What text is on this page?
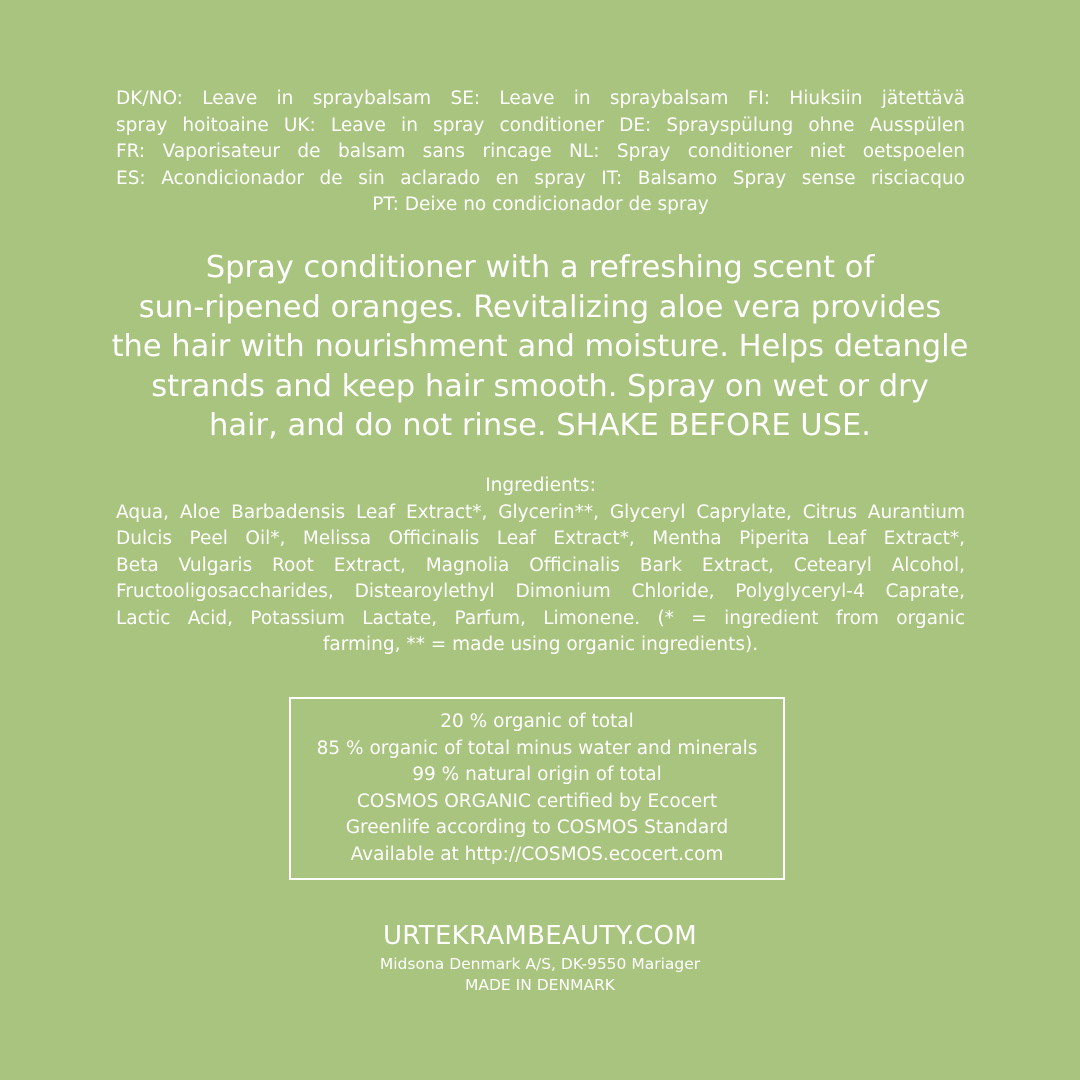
DK/NO: Leave in spraybalsam SE: Leave in spraybalsam FI: Hiuksiin jätettävä
spray hoitoaine UK: Leave in spray conditioner DE: Sprayspülung ohne Ausspülen
FR: Vaporisateur de balsam sans rincage NL: Spray conditioner niet oetspoelen
ES: Acondicionador de sin aclarado en spray IT: Balsamo Spray sense risciacquo
PT: Deixe no condicionador de spray
Spray conditioner with a refreshing scent of
sun-ripened oranges. Revitalizing aloe vera provides
the hair with nourishment and moisture. Helps detangle
strands and keep hair smooth. Spray on wet or dry
hair, and do not rinse. SHAKE BEFORE USE.
Ingredients:
Aqua, Aloe Barbadensis Leaf Extract*, Glycerin**, Glyceryl Caprylate, Citrus Aurantium
Dulcis Peel Oil*, Melissa Officinalis Leaf Extract*, Mentha Piperita Leaf Extract*,
Beta Vulgaris Root Extract, Magnolia Officinalis Bark Extract, Cetearyl Alcohol,
Fructooligosaccharides, Distearoylethyl Dimonium Chloride, Polyglyceryl-4 Caprate,
Lactic Acid, Potassium Lactate, Parfum, Limonene. (* = ingredient from organic
farming, ** = made using organic ingredients).
20 % organic of total
85 % organic of total minus water and minerals
99 % natural origin of total
COSMOS ORGANIC certified by Ecocert
Greenlife according to COSMOS Standard
Available at http://COSMOS.ecocert.com
URTEKRAMBEAUTY.COM
Midsona Denmark A/S, DK-9550 Mariager
MADE IN DENMARK
